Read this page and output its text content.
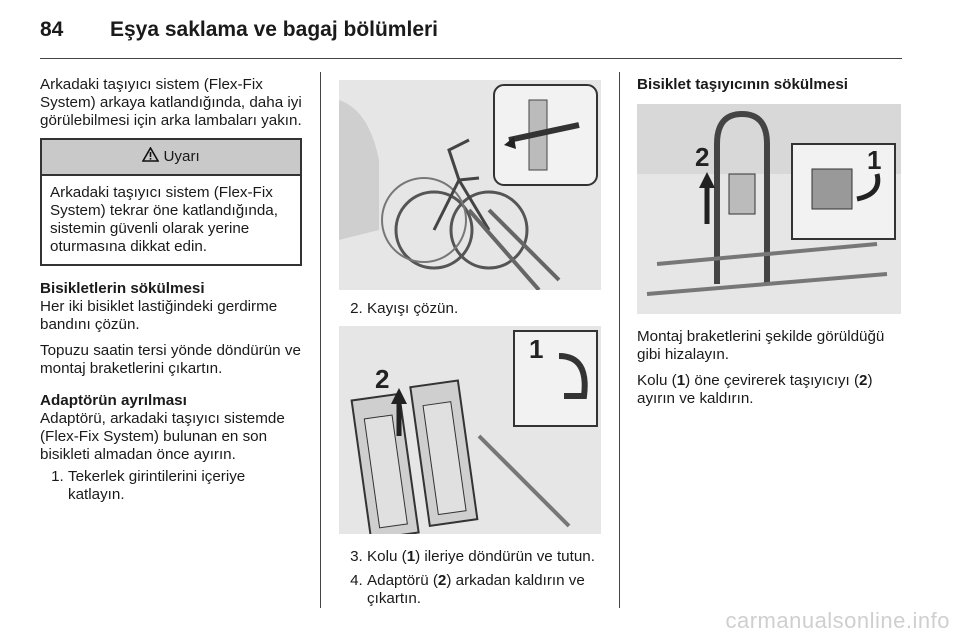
84	Eşya saklama ve bagaj bölümleri

Arkadaki taşıyıcı sistem (Flex-Fix System) arkaya katlandığında, daha iyi görülebilmesi için arka lambaları yakın.

Uyarı
Arkadaki taşıyıcı sistem (Flex-Fix System) tekrar öne katlandığında, sistemin güvenli olarak yerine oturmasına dikkat edin.

Bisikletlerin sökülmesi

Her iki bisiklet lastiğindeki gerdirme bandını çözün.

Topuzu saatin tersi yönde döndürün ve montaj braketlerini çıkartın.

Adaptörün ayrılması

Adaptörü, arkadaki taşıyıcı sistemde (Flex-Fix System) bulunan en son bisikleti almadan önce ayırın.

1. Tekerlek girintilerini içeriye katlayın.
2. Kayışı çözün.
2
1
3. Kolu (1) ileriye döndürün ve tutun.
4. Adaptörü (2) arkadan kaldırın ve çıkartın.

Bisiklet taşıyıcının sökülmesi

2	1

Montaj braketlerini şekilde görüldüğü gibi hizalayın.

Kolu (1) öne çevirerek taşıyıcıyı (2) ayırın ve kaldırın.

carmanualsonline.info
